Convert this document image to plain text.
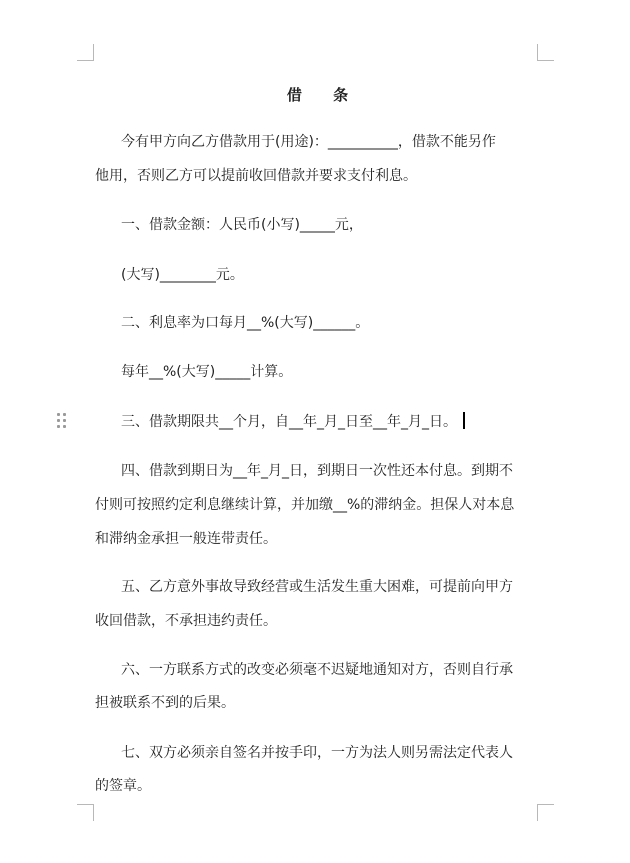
借 条
今有甲方向乙方借款用于(用途)：__________，借款不能另作
他用，否则乙方可以提前收回借款并要求支付利息。
一、借款金额：人民币(小写)_____元，
(大写)________元。
二、利息率为口每月__%(大写)______。
每年__%(大写)_____计算。
三、借款期限共__个月，自__年_月_日至__年_月_日。
四、借款到期日为__年_月_日，到期日一次性还本付息。到期不
付则可按照约定利息继续计算，并加缴__%的滞纳金。担保人对本息
和滞纳金承担一般连带责任。
五、乙方意外事故导致经营或生活发生重大困难，可提前向甲方
收回借款，不承担违约责任。
六、一方联系方式的改变必须毫不迟疑地通知对方，否则自行承
担被联系不到的后果。
七、双方必须亲自签名并按手印，一方为法人则另需法定代表人
的签章。
